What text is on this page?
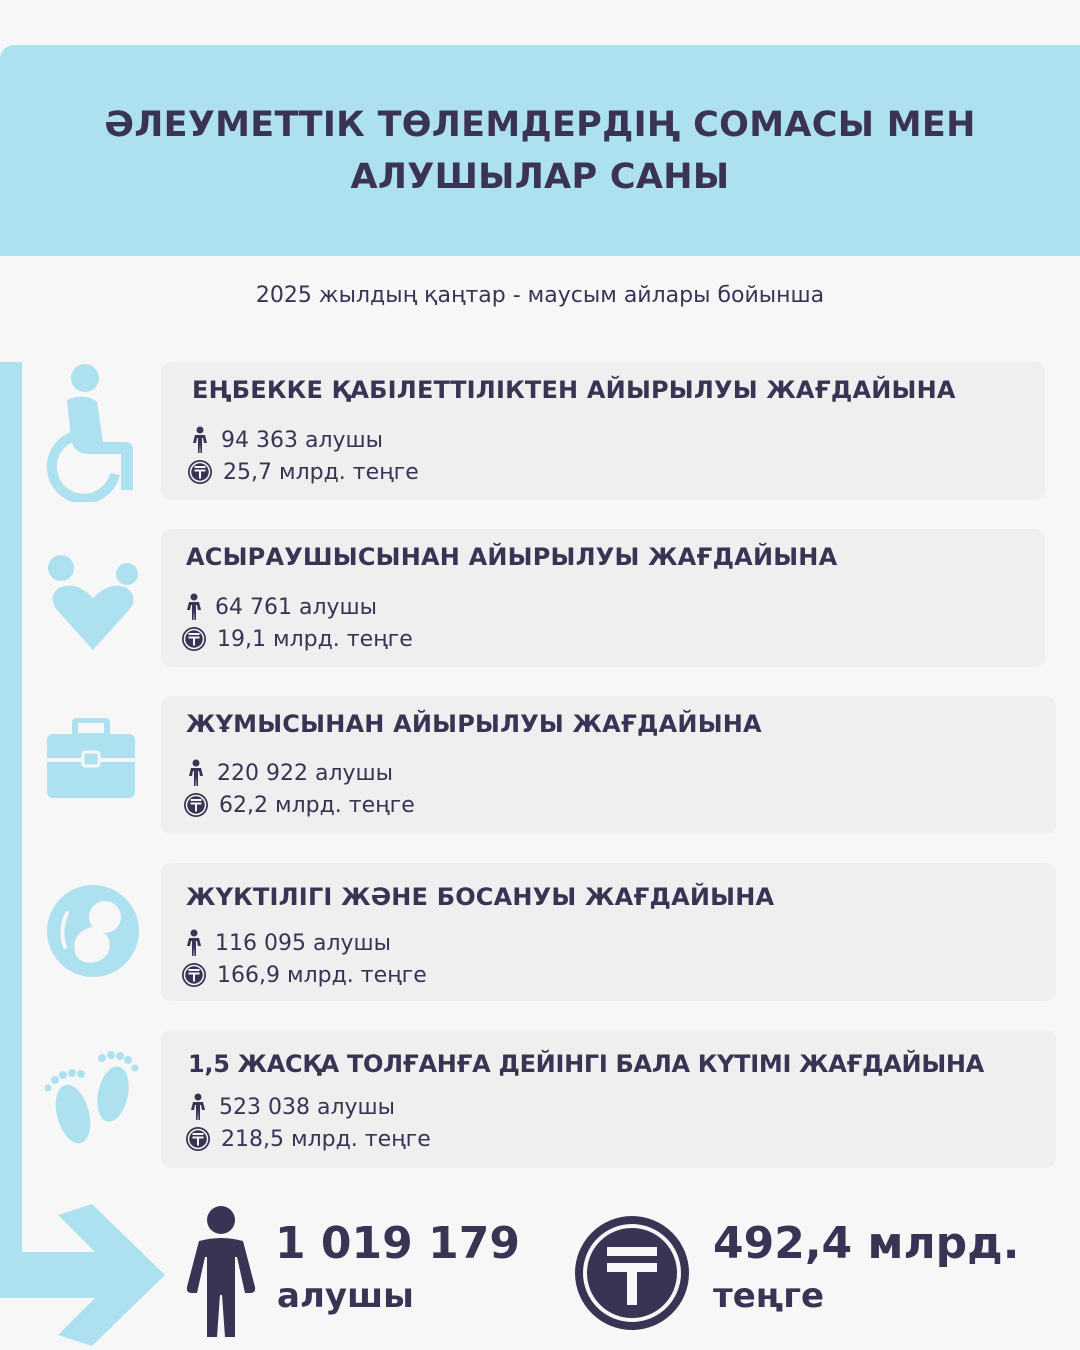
ӘЛЕУМЕТТІК ТӨЛЕМДЕРДІҢ СОМАСЫ МЕН
АЛУШЫЛАР САНЫ
2025 жылдың қаңтар - маусым айлары бойынша
ЕҢБЕККЕ ҚАБІЛЕТТІЛІКТЕН АЙЫРЫЛУЫ ЖАҒДАЙЫНА
94 363 алушы
25,7 млрд. теңге
АСЫРАУШЫСЫНАН АЙЫРЫЛУЫ ЖАҒДАЙЫНА
64 761 алушы
19,1 млрд. теңге
ЖҰМЫСЫНАН АЙЫРЫЛУЫ ЖАҒДАЙЫНА
220 922 алушы
62,2 млрд. теңге
ЖҮКТІЛІГІ ЖӘНЕ БОСАНУЫ ЖАҒДАЙЫНА
116 095 алушы
166,9 млрд. теңге
1,5 ЖАСҚА ТОЛҒАНҒА ДЕЙІНГІ БАЛА КҮТІМІ ЖАҒДАЙЫНА
523 038 алушы
218,5 млрд. теңге
1 019 179
алушы
492,4 млрд.
теңге
